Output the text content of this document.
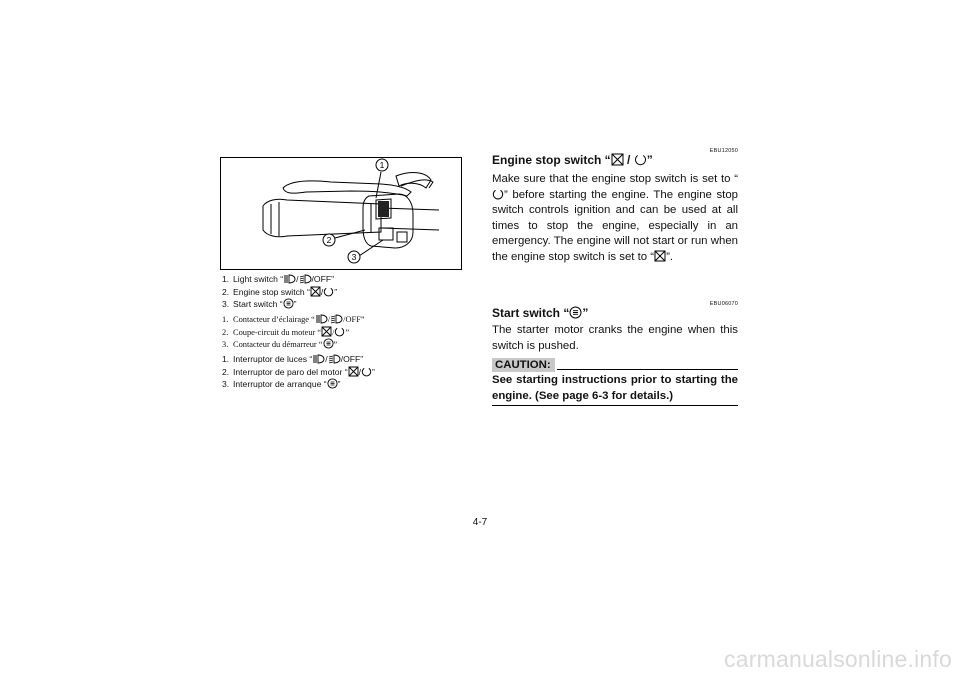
1
2
3
1. Light switch “ / /OFF”
2. Engine stop switch “ / ”
3. Start switch “ ”
1. Contacteur d’éclairage “ / /OFF”
2. Coupe-circuit du moteur “ / ”
3. Contacteur du démarreur “ ”
1. Interruptor de luces “ / /OFF”
2. Interruptor de paro del motor “ / ”
3. Interruptor de arranque “ ”
EBU12050
Engine stop switch “ / ”
Make sure that the engine stop switch is set to “” before starting the engine. The engine stop switch controls ignition and can be used at all times to stop the engine, especially in an emergency. The engine will not start or run when the engine stop switch is set to “ ”.
EBU06070
Start switch “ ”
The starter motor cranks the engine when this switch is pushed.
CAUTION:
See starting instructions prior to starting the engine. (See page 6-3 for details.)
4-7
carmanualsonline.info
